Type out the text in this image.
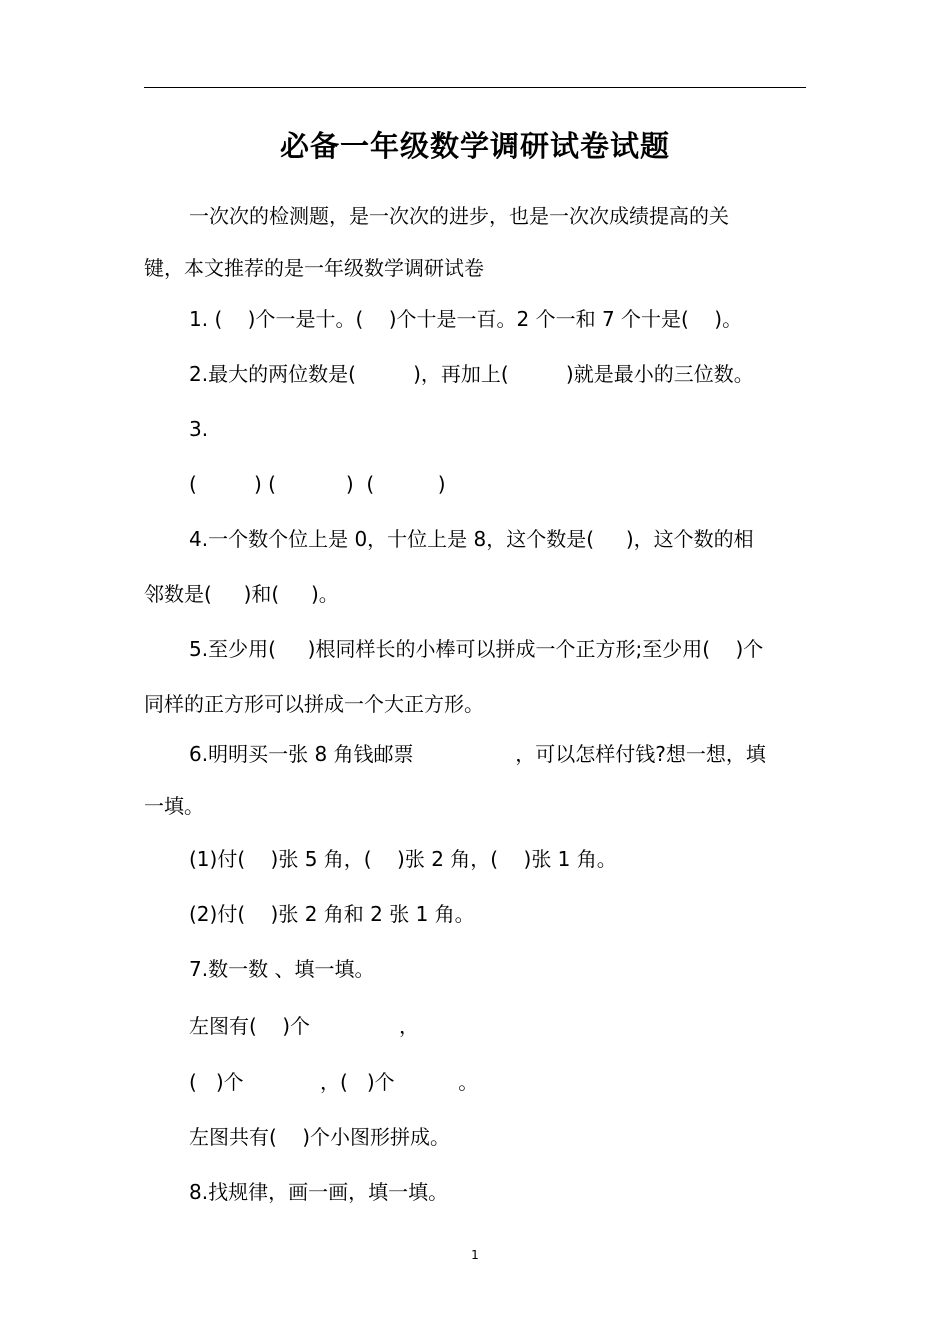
必备一年级数学调研试卷试题
一次次的检测题，是一次次的进步，也是一次次成绩提高的关
键，本文推荐的是一年级数学调研试卷
1. (    )个一是十。(    )个十是一百。2 个一和 7 个十是(    )。
2.最大的两位数是(         )，再加上(         )就是最小的三位数。
3.
(         ) (           )  (          )
4.一个数个位上是 0，十位上是 8，这个数是(     )，这个数的相
邻数是(     )和(     )。
5.至少用(     )根同样长的小棒可以拼成一个正方形;至少用(    )个
同样的正方形可以拼成一个大正方形。
6.明明买一张 8 角钱邮票                ，可以怎样付钱?想一想，填
一填。
(1)付(    )张 5 角，(    )张 2 角，(    )张 1 角。
(2)付(    )张 2 角和 2 张 1 角。
7.数一数 、填一填。
左图有(    )个              ，
(   )个            ，(   )个          。
左图共有(    )个小图形拼成。
8.找规律，画一画，填一填。
1
